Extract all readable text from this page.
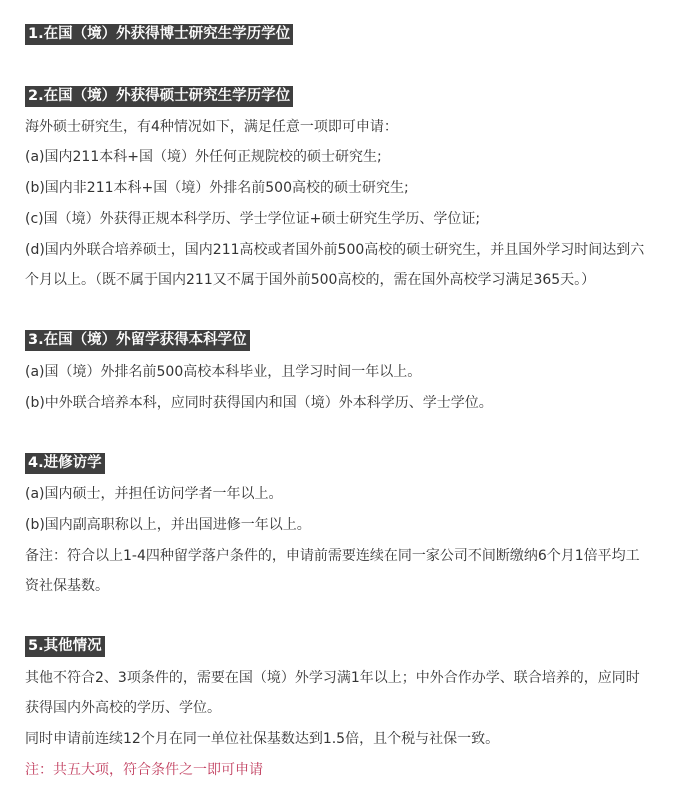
1.在国（境）外获得博士研究生学历学位
2.在国（境）外获得硕士研究生学历学位
海外硕士研究生，有4种情况如下，满足任意一项即可申请：
(a)国内211本科+国（境）外任何正规院校的硕士研究生;
(b)国内非211本科+国（境）外排名前500高校的硕士研究生;
(c)国（境）外获得正规本科学历、学士学位证+硕士研究生学历、学位证;
(d)国内外联合培养硕士，国内211高校或者国外前500高校的硕士研究生，并且国外学习时间达到六
个月以上。（既不属于国内211又不属于国外前500高校的，需在国外高校学习满足365天。）
3.在国（境）外留学获得本科学位
(a)国（境）外排名前500高校本科毕业，且学习时间一年以上。
(b)中外联合培养本科，应同时获得国内和国（境）外本科学历、学士学位。
4.进修访学
(a)国内硕士，并担任访问学者一年以上。
(b)国内副高职称以上，并出国进修一年以上。
备注：符合以上1-4四种留学落户条件的，申请前需要连续在同一家公司不间断缴纳6个月1倍平均工
资社保基数。
5.其他情况
其他不符合2、3项条件的，需要在国（境）外学习满1年以上；中外合作办学、联合培养的，应同时
获得国内外高校的学历、学位。
同时申请前连续12个月在同一单位社保基数达到1.5倍，且个税与社保一致。
注：共五大项，符合条件之一即可申请
